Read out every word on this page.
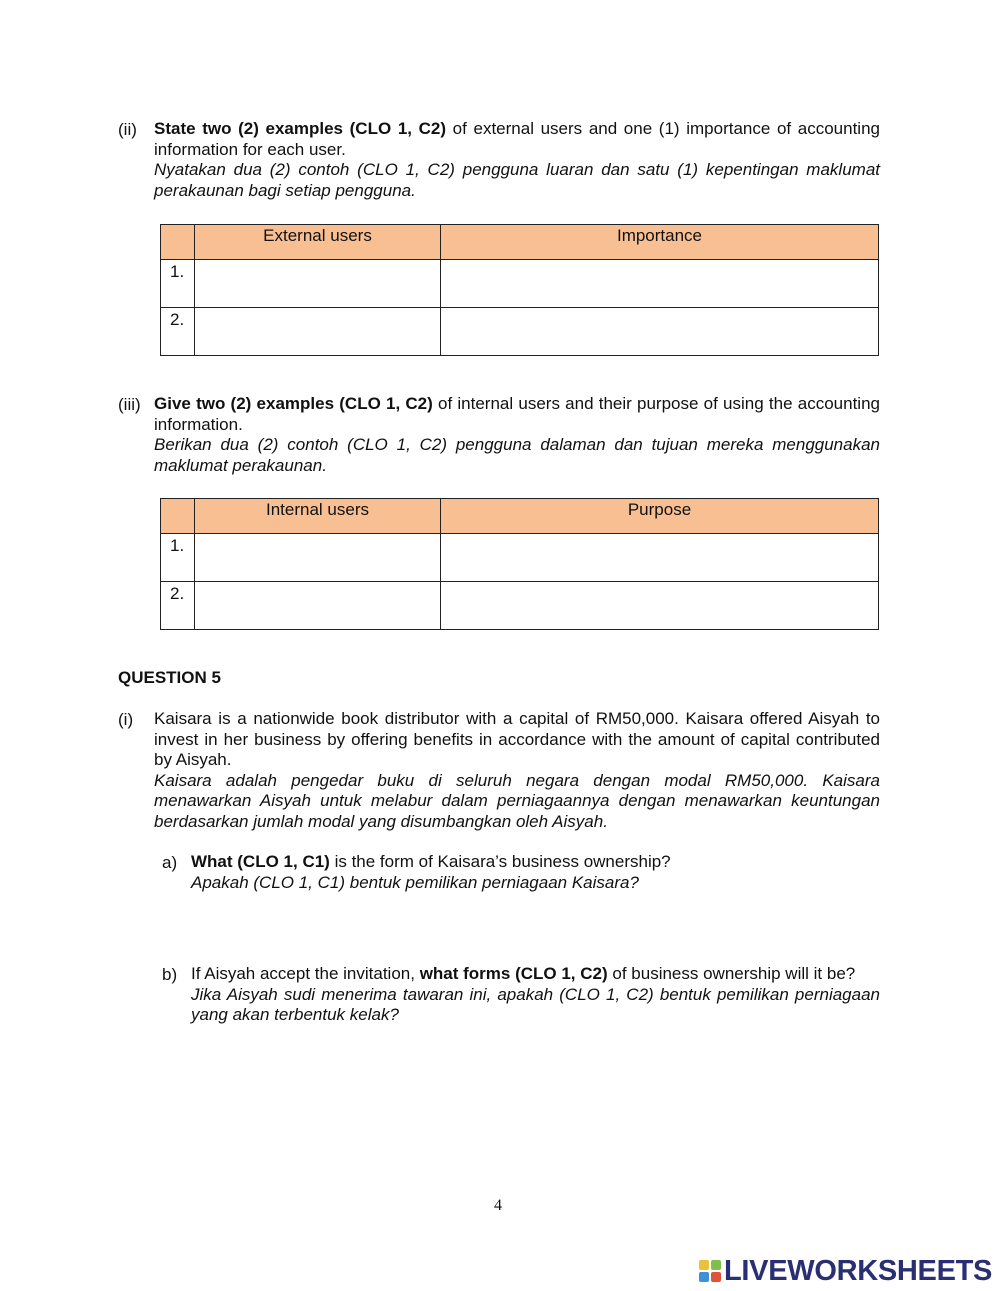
(ii) State two (2) examples (CLO 1, C2) of external users and one (1) importance of accounting information for each user.

Nyatakan dua (2) contoh (CLO 1, C2) pengguna luaran dan satu (1) kepentingan maklumat perakaunan bagi setiap pengguna.

	External users	Importance
1.		
2.		
(iii) Give two (2) examples (CLO 1, C2) of internal users and their purpose of using the accounting information.

Berikan dua (2) contoh (CLO 1, C2) pengguna dalaman dan tujuan mereka menggunakan maklumat perakaunan.

	Internal users	Purpose
1.		
2.		
QUESTION 5
(i) Kaisara is a nationwide book distributor with a capital of RM50,000. Kaisara offered Aisyah to invest in her business by offering benefits in accordance with the amount of capital contributed by Aisyah.

Kaisara adalah pengedar buku di seluruh negara dengan modal RM50,000. Kaisara menawarkan Aisyah untuk melabur dalam perniagaannya dengan menawarkan keuntungan berdasarkan jumlah modal yang disumbangkan oleh Aisyah.

a) What (CLO 1, C1) is the form of Kaisara’s business ownership?

Apakah (CLO 1, C1) bentuk pemilikan perniagaan Kaisara?

b) If Aisyah accept the invitation, what forms (CLO 1, C2) of business ownership will it be?

Jika Aisyah sudi menerima tawaran ini, apakah (CLO 1, C2) bentuk pemilikan perniagaan yang akan terbentuk kelak?

4
LIVEWORKSHEETS
